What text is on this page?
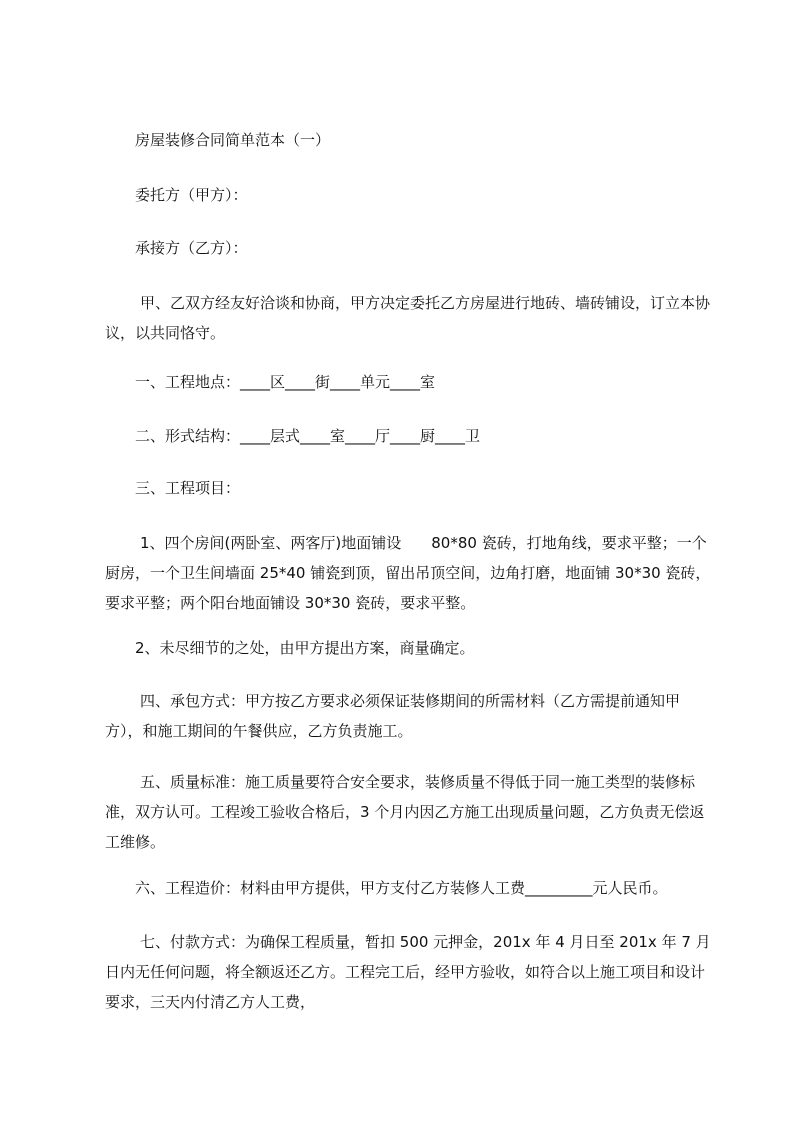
房屋装修合同简单范本（一）

委托方（甲方）：

承接方（乙方）：

甲、乙双方经友好洽谈和协商，甲方决定委托乙方房屋进行地砖、墙砖铺设，订立本协议，以共同恪守。

一、工程地点：____区____街____单元____室

二、形式结构：____层式____室____厅____厨____卫

三、工程项目：

1、四个房间(两卧室、两客厅)地面铺设　　80*80 瓷砖，打地角线，要求平整；一个厨房，一个卫生间墙面 25*40 铺瓷到顶，留出吊顶空间，边角打磨，地面铺 30*30 瓷砖，要求平整；两个阳台地面铺设 30*30 瓷砖，要求平整。

2、未尽细节的之处，由甲方提出方案，商量确定。

四、承包方式：甲方按乙方要求必须保证装修期间的所需材料（乙方需提前通知甲方），和施工期间的午餐供应，乙方负责施工。

五、质量标准：施工质量要符合安全要求，装修质量不得低于同一施工类型的装修标准，双方认可。工程竣工验收合格后，3 个月内因乙方施工出现质量问题，乙方负责无偿返工维修。

六、工程造价：材料由甲方提供，甲方支付乙方装修人工费_________元人民币。

七、付款方式：为确保工程质量，暂扣 500 元押金，201x 年 4 月日至 201x 年 7 月日内无任何问题，将全额返还乙方。工程完工后，经甲方验收，如符合以上施工项目和设计要求，三天内付清乙方人工费，
